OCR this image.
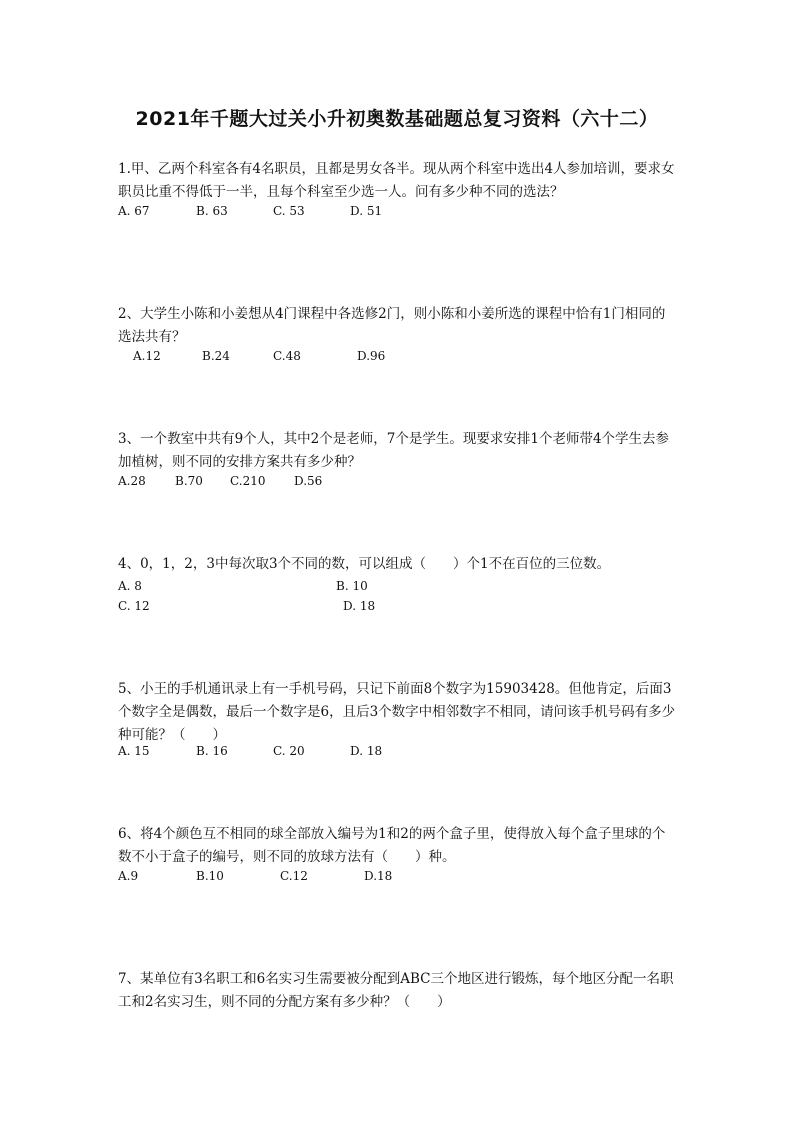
2021年千题大过关小升初奥数基础题总复习资料（六十二）
1.甲、乙两个科室各有4名职员，且都是男女各半。现从两个科室中选出4人参加培训，要求女职员比重不得低于一半，且每个科室至少选一人。问有多少种不同的选法？
A. 67	B. 63	C. 53	D. 51
2、大学生小陈和小姜想从4门课程中各选修2门，则小陈和小姜所选的课程中恰有1门相同的选法共有？
A.12	B.24	C.48	D.96
3、一个教室中共有9个人，其中2个是老师，7个是学生。现要求安排1个老师带4个学生去参加植树，则不同的安排方案共有多少种？
A.28 B.70 C.210 D.56
4、0，1，2，3中每次取3个不同的数，可以组成（　　）个1不在百位的三位数。
A. 8	B. 10
C. 12	D. 18
5、小王的手机通讯录上有一手机号码，只记下前面8个数字为15903428。但他肯定，后面3个数字全是偶数，最后一个数字是6，且后3个数字中相邻数字不相同，请问该手机号码有多少种可能？（　　）
A. 15	B. 16	C. 20	D. 18
6、将4个颜色互不相同的球全部放入编号为1和2的两个盒子里，使得放入每个盒子里球的个数不小于盒子的编号，则不同的放球方法有（　　）种。
A.9	B.10	C.12	D.18
7、某单位有3名职工和6名实习生需要被分配到ABC三个地区进行锻炼，每个地区分配一名职工和2名实习生，则不同的分配方案有多少种？（　　）
